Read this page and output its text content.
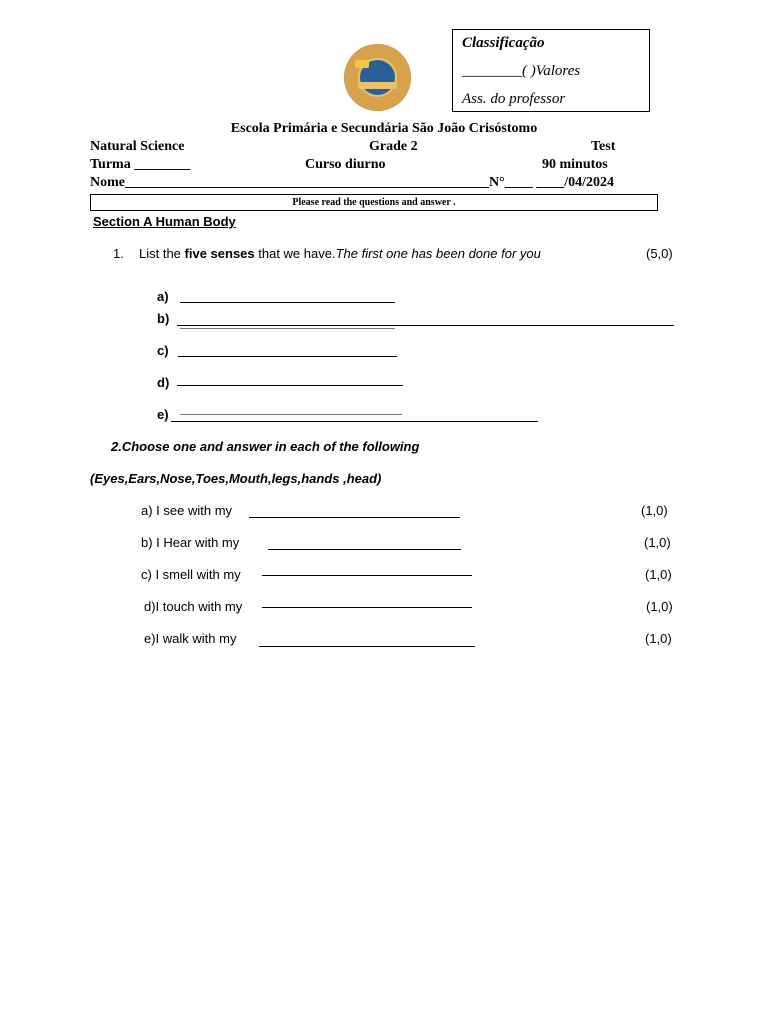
Classificação
________( )Valores
Ass. do professor
Escola Primária e Secundária São João Crisóstomo
Natural Science	Grade 2	Test
Turma ________	Curso diurno	90 minutos
Nome____________________________________________________N°____ ____/04/2024
Please read the questions and answer .
Section A Human Body
1. List the five senses that we have.The first one has been done for you	(5,0)
a)
b)
c)
d)
e)
2.Choose one and answer in each of the following
(Eyes,Ears,Nose,Toes,Mouth,legs,hands ,head)
a) I see with my	(1,0)
b) I Hear with my	(1,0)
c) I smell with my	(1,0)
d)I touch with my	(1,0)
e)I walk with my	(1,0)
